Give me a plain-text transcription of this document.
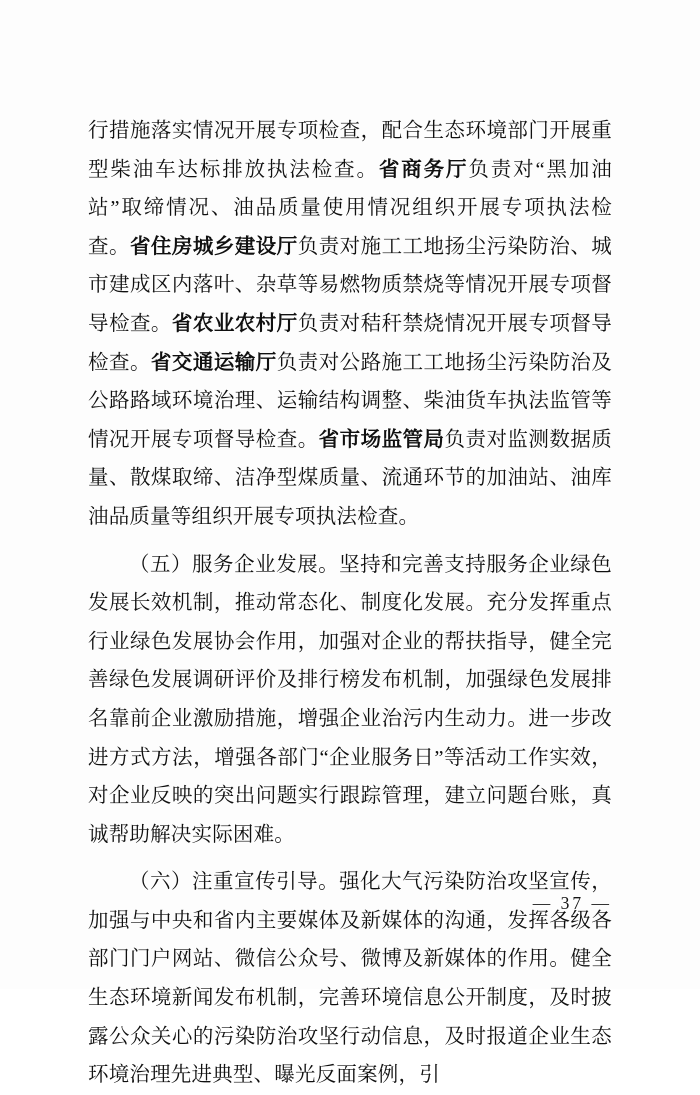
行措施落实情况开展专项检查，配合生态环境部门开展重型柴油车达标排放执法检查。省商务厅负责对“黑加油站”取缔情况、油品质量使用情况组织开展专项执法检查。省住房城乡建设厅负责对施工工地扬尘污染防治、城市建成区内落叶、杂草等易燃物质禁烧等情况开展专项督导检查。省农业农村厅负责对秸秆禁烧情况开展专项督导检查。省交通运输厅负责对公路施工工地扬尘污染防治及公路路域环境治理、运输结构调整、柴油货车执法监管等情况开展专项督导检查。省市场监管局负责对监测数据质量、散煤取缔、洁净型煤质量、流通环节的加油站、油库油品质量等组织开展专项执法检查。

（五）服务企业发展。坚持和完善支持服务企业绿色发展长效机制，推动常态化、制度化发展。充分发挥重点行业绿色发展协会作用，加强对企业的帮扶指导，健全完善绿色发展调研评价及排行榜发布机制，加强绿色发展排名靠前企业激励措施，增强企业治污内生动力。进一步改进方式方法，增强各部门“企业服务日”等活动工作实效，对企业反映的突出问题实行跟踪管理，建立问题台账，真诚帮助解决实际困难。

（六）注重宣传引导。强化大气污染防治攻坚宣传，加强与中央和省内主要媒体及新媒体的沟通，发挥各级各部门门户网站、微信公众号、微博及新媒体的作用。健全生态环境新闻发布机制，完善环境信息公开制度，及时披露公众关心的污染防治攻坚行动信息，及时报道企业生态环境治理先进典型、曝光反面案例，引

— 37 —
